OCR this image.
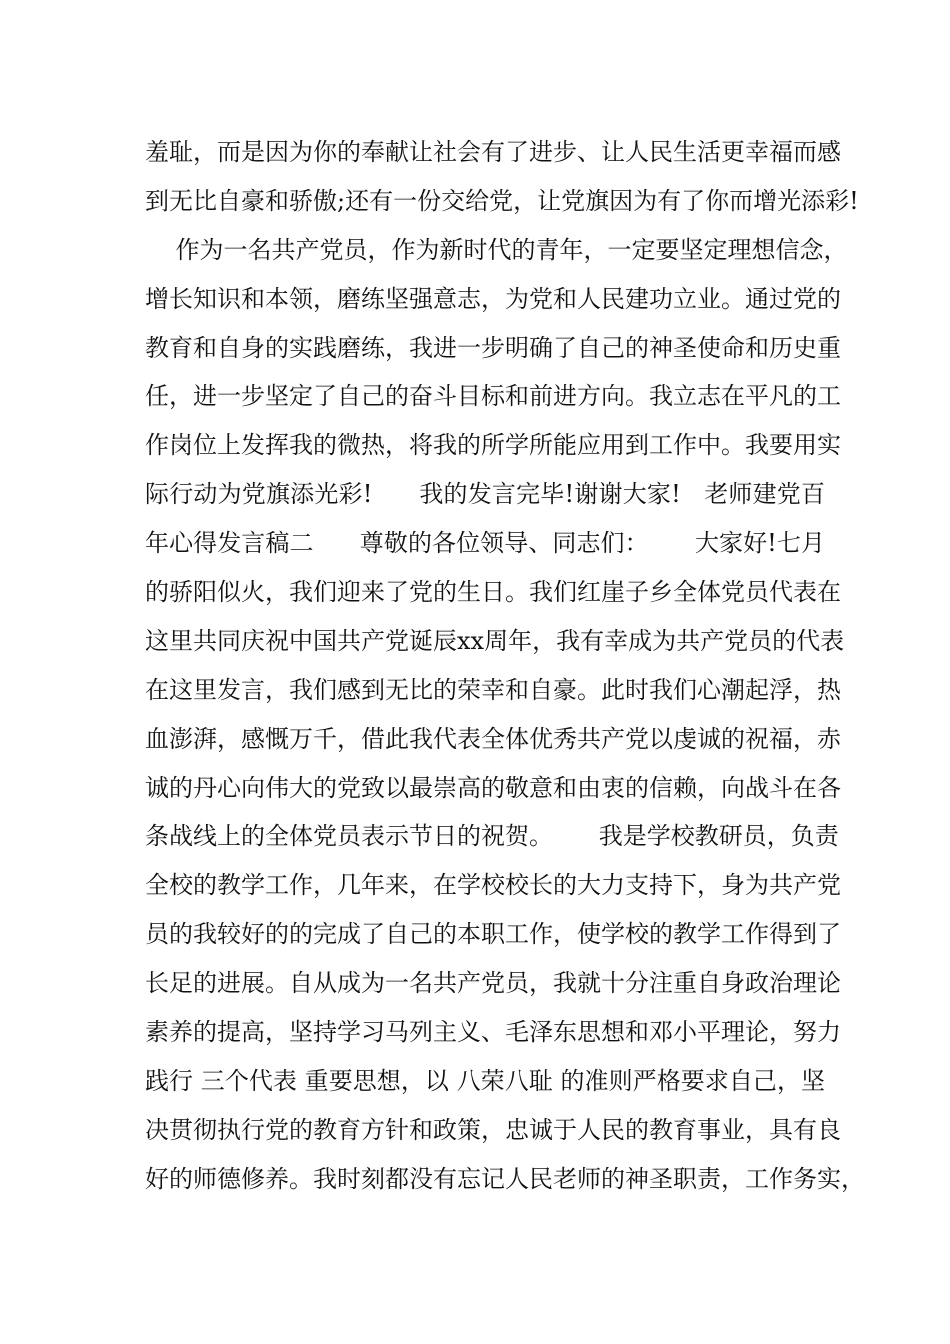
羞耻，而是因为你的奉献让社会有了进步、让人民生活更幸福而感
到无比自豪和骄傲;还有一份交给党，让党旗因为有了你而增光添彩!
作为一名共产党员，作为新时代的青年，一定要坚定理想信念，
增长知识和本领，磨练坚强意志，为党和人民建功立业。通过党的
教育和自身的实践磨练，我进一步明确了自己的神圣使命和历史重
任，进一步坚定了自己的奋斗目标和前进方向。我立志在平凡的工
作岗位上发挥我的微热，将我的所学所能应用到工作中。我要用实
际行动为党旗添光彩!      我的发言完毕!谢谢大家!   老师建党百
年心得发言稿二      尊敬的各位领导、同志们：      大家好!七月
的骄阳似火，我们迎来了党的生日。我们红崖子乡全体党员代表在
这里共同庆祝中国共产党诞辰xx周年，我有幸成为共产党员的代表
在这里发言，我们感到无比的荣幸和自豪。此时我们心潮起浮，热
血澎湃，感慨万千，借此我代表全体优秀共产党以虔诚的祝福，赤
诚的丹心向伟大的党致以最崇高的敬意和由衷的信赖，向战斗在各
条战线上的全体党员表示节日的祝贺。      我是学校教研员，负责
全校的教学工作，几年来，在学校校长的大力支持下，身为共产党
员的我较好的的完成了自己的本职工作，使学校的教学工作得到了
长足的进展。自从成为一名共产党员，我就十分注重自身政治理论
素养的提高，坚持学习马列主义、毛泽东思想和邓小平理论，努力
践行 三个代表 重要思想，以 八荣八耻 的准则严格要求自己，坚
决贯彻执行党的教育方针和政策，忠诚于人民的教育事业，具有良
好的师德修养。我时刻都没有忘记人民老师的神圣职责，工作务实，
